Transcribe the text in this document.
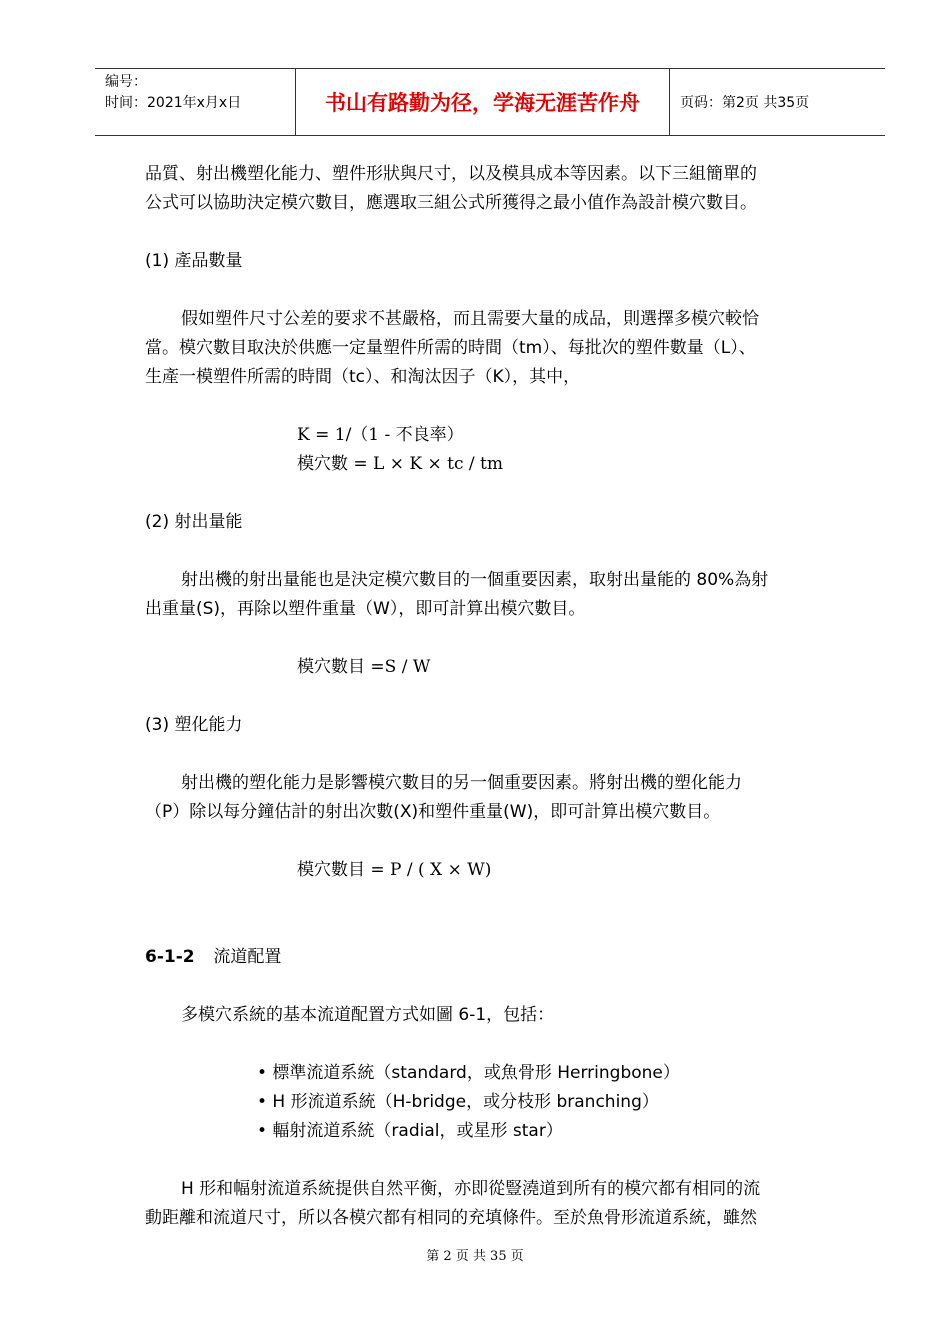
编号：
时间：2021年x月x日	书山有路勤为径，学海无涯苦作舟	页码：第2页 共35页

品質、射出機塑化能力、塑件形狀與尺寸，以及模具成本等因素。以下三組簡單的

公式可以協助決定模穴數目，應選取三組公式所獲得之最小值作為設計模穴數目。

(1) 產品數量

假如塑件尺寸公差的要求不甚嚴格，而且需要大量的成品，則選擇多模穴較恰

當。模穴數目取決於供應一定量塑件所需的時間（tm）、每批次的塑件數量（L）、

生產一模塑件所需的時間（tc）、和淘汰因子（K），其中，

K = 1/（1 - 不良率）
模穴數 = L × K × tc / tm
(2) 射出量能

射出機的射出量能也是決定模穴數目的一個重要因素，取射出量能的 80%為射

出重量(S)，再除以塑件重量（W），即可計算出模穴數目。

模穴數目 =S / W
(3) 塑化能力

射出機的塑化能力是影響模穴數目的另一個重要因素。將射出機的塑化能力

（P）除以每分鐘估計的射出次數(X)和塑件重量(W)，即可計算出模穴數目。

模穴數目 = P / ( X × W)
6-1-2 流道配置

多模穴系統的基本流道配置方式如圖 6-1，包括：

• 標準流道系統（standard，或魚骨形 Herringbone）
• H 形流道系統（H-bridge，或分枝形 branching）
• 輻射流道系統（radial，或星形 star）

H 形和幅射流道系統提供自然平衡，亦即從豎澆道到所有的模穴都有相同的流

動距離和流道尺寸，所以各模穴都有相同的充填條件。至於魚骨形流道系統，雖然

第 2 页 共 35 页
